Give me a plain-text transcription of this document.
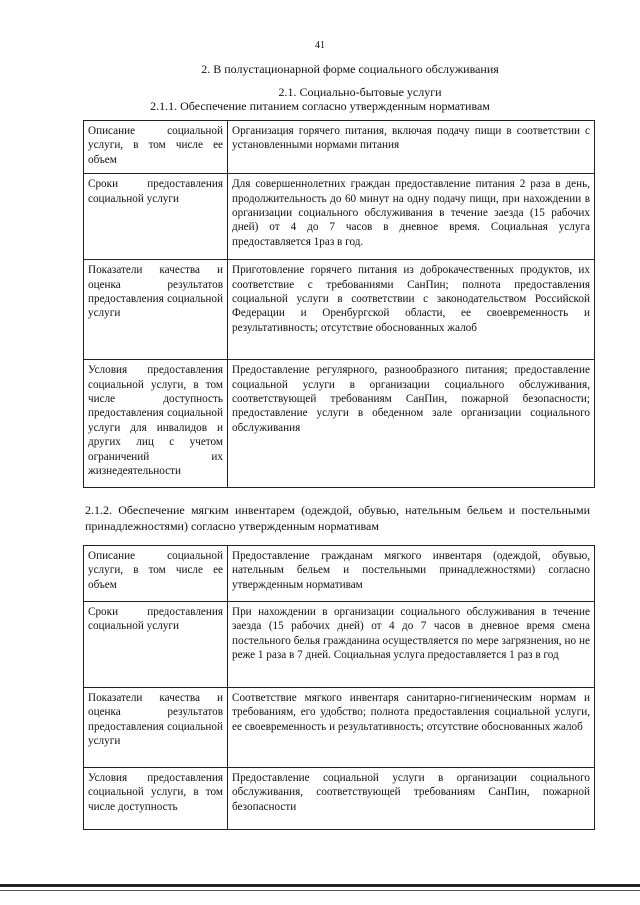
41
2. В полустационарной форме социального обслуживания
2.1. Социально-бытовые услуги
2.1.1. Обеспечение питанием согласно утвержденным нормативам
Описание социальной услуги, в том числе ее объем	Организация горячего питания, включая подачу пищи в соответствии с установленными нормами питания
Сроки предоставления социальной услуги	Для совершеннолетних граждан предоставление питания 2 раза в день, продолжительность до 60 минут на одну подачу пищи, при нахождении в организации социального обслуживания в течение заезда (15 рабочих дней) от 4 до 7 часов в дневное время. Социальная услуга предоставляется 1раз в год.
Показатели качества и оценка результатов предоставления социальной услуги	Приготовление горячего питания из доброкачественных продуктов, их соответствие с требованиями СанПин; полнота предоставления социальной услуги в соответствии с законодательством Российской Федерации и Оренбургской области, ее своевременность и результативность; отсутствие обоснованных жалоб
Условия предоставления социальной услуги, в том числе доступность предоставления социальной услуги для инвалидов и других лиц с учетом ограничений их жизнедеятельности	Предоставление регулярного, разнообразного питания; предоставление социальной услуги в организации социального обслуживания, соответствующей требованиям СанПин, пожарной безопасности; предоставление услуги в обеденном зале организации социального обслуживания
2.1.2. Обеспечение мягким инвентарем (одеждой, обувью, нательным бельем и постельными принадлежностями) согласно утвержденным нормативам
Описание социальной услуги, в том числе ее объем	Предоставление гражданам мягкого инвентаря (одеждой, обувью, нательным бельем и постельными принадлежностями) согласно утвержденным нормативам
Сроки предоставления социальной услуги	При нахождении в организации социального обслуживания в течение заезда (15 рабочих дней) от 4 до 7 часов в дневное время смена постельного белья гражданина осуществляется по мере загрязнения, но не реже 1 раза в 7 дней. Социальная услуга предоставляется 1 раз в год
Показатели качества и оценка результатов предоставления социальной услуги	Соответствие мягкого инвентаря санитарно-гигиеническим нормам и требованиям, его удобство; полнота предоставления социальной услуги, ее своевременность и результативность; отсутствие обоснованных жалоб
Условия предоставления социальной услуги, в том числе доступность	Предоставление социальной услуги в организации социального обслуживания, соответствующей требованиям СанПин, пожарной безопасности
